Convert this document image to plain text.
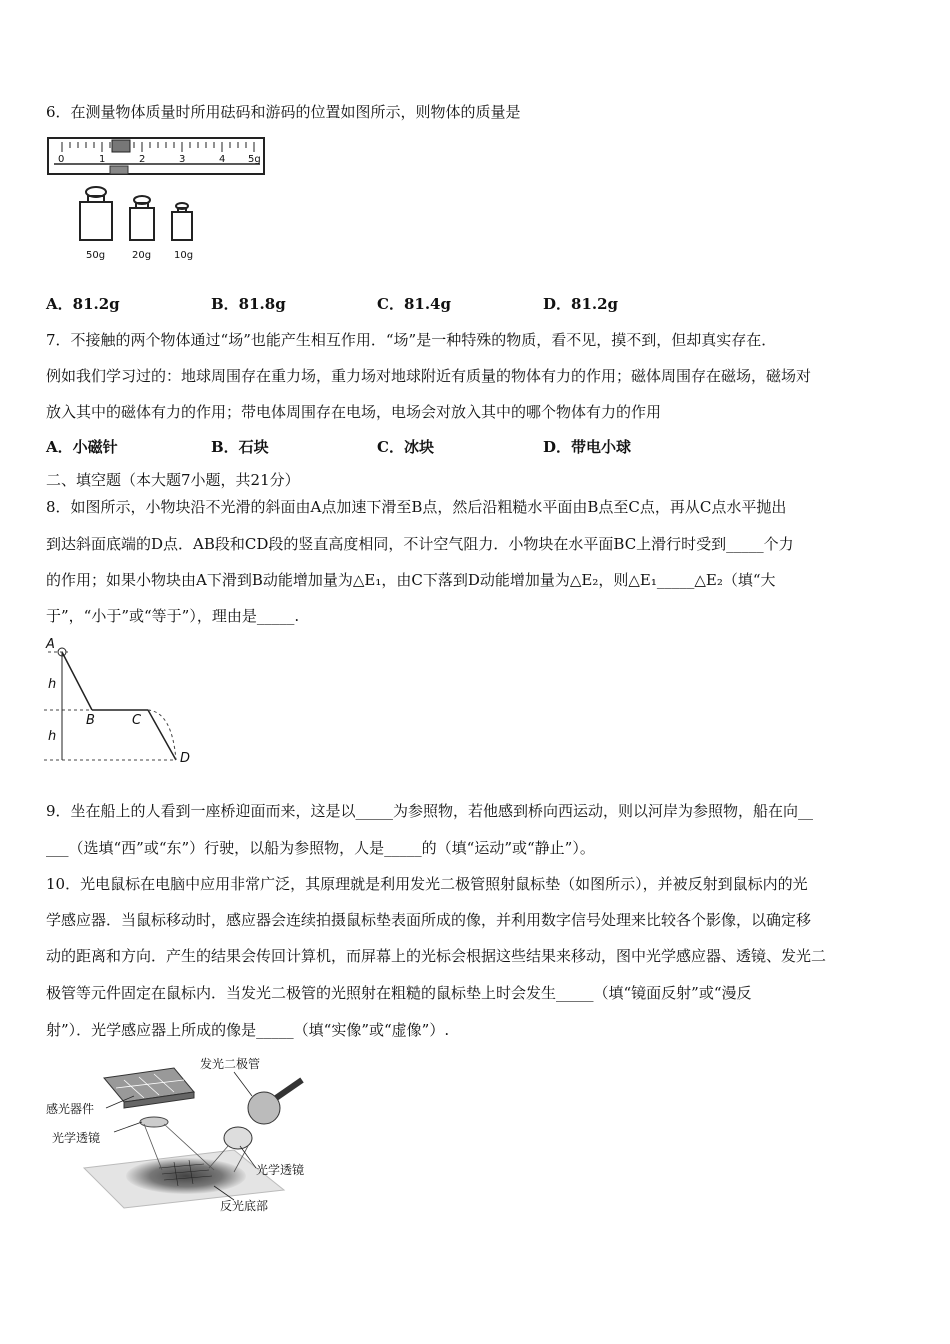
6．在测量物体质量时所用砝码和游码的位置如图所示，则物体的质量是
0	1	2	3	4 5g
50g	20g 10g
A．81.2g	B．81.8g	C．81.4g	D．81.2g
7．不接触的两个物体通过“场”也能产生相互作用．“场”是一种特殊的物质，看不见，摸不到，但却真实存在．
例如我们学习过的：地球周围存在重力场，重力场对地球附近有质量的物体有力的作用；磁体周围存在磁场，磁场对
放入其中的磁体有力的作用；带电体周围存在电场，电场会对放入其中的哪个物体有力的作用
A．小磁针	B．石块	C．冰块	D．带电小球
二、填空题（本大题7小题，共21分）
8．如图所示，小物块沿不光滑的斜面由A点加速下滑至B点，然后沿粗糙水平面由B点至C点，再从C点水平抛出
到达斜面底端的D点．AB段和CD段的竖直高度相同，不计空气阻力．小物块在水平面BC上滑行时受到_____个力
的作用；如果小物块由A下滑到B动能增加量为△E₁，由C下落到D动能增加量为△E₂，则△E₁_____△E₂（填“大
于”，“小于”或“等于”），理由是_____.
A
B	C
D
h
h
9．坐在船上的人看到一座桥迎面而来，这是以_____为参照物，若他感到桥向西运动，则以河岸为参照物，船在向__
___（选填“西”或“东”）行驶，以船为参照物，人是_____的（填“运动”或“静止”）。
10．光电鼠标在电脑中应用非常广泛，其原理就是利用发光二极管照射鼠标垫（如图所示），并被反射到鼠标内的光
学感应器．当鼠标移动时，感应器会连续拍摄鼠标垫表面所成的像，并利用数字信号处理来比较各个影像，以确定移
动的距离和方向．产生的结果会传回计算机，而屏幕上的光标会根据这些结果来移动，图中光学感应器、透镜、发光二
极管等元件固定在鼠标内．当发光二极管的光照射在粗糙的鼠标垫上时会发生_____（填“镜面反射”或“漫反
射”）．光学感应器上所成的像是_____（填“实像”或“虚像”）.
发光二极管
感光器件
光学透镜
光学透镜
反光底部
